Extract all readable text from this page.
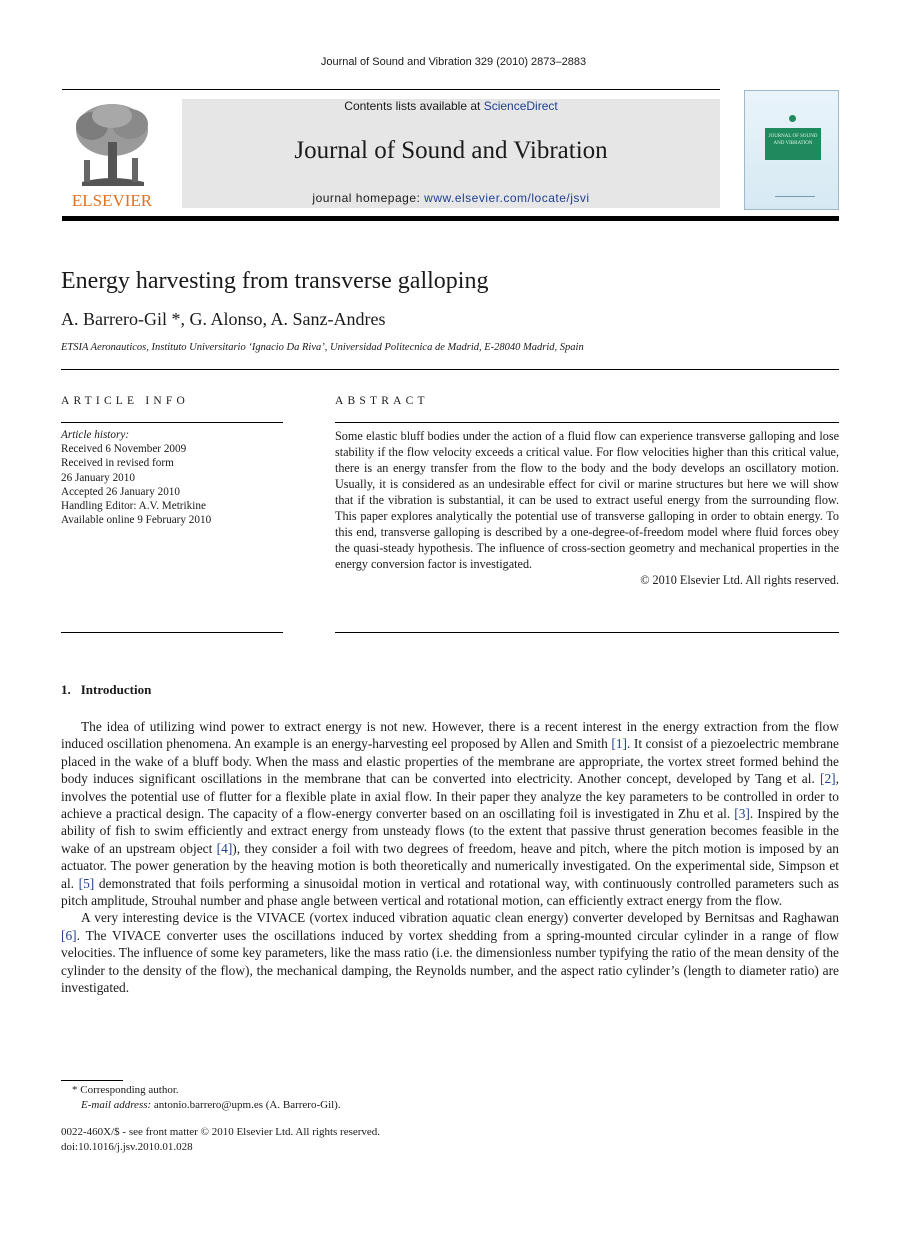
Journal of Sound and Vibration 329 (2010) 2873–2883
ELSEVIER
Contents lists available at ScienceDirect
Journal of Sound and Vibration
journal homepage: www.elsevier.com/locate/jsvi
JOURNAL OF SOUND AND VIBRATION
Energy harvesting from transverse galloping
A. Barrero-Gil *, G. Alonso, A. Sanz-Andres
ETSIA Aeronauticos, Instituto Universitario ‘Ignacio Da Riva’, Universidad Politecnica de Madrid, E-28040 Madrid, Spain
ARTICLE INFO	ABSTRACT
Article history:
Received 6 November 2009
Received in revised form
26 January 2010
Accepted 26 January 2010
Handling Editor: A.V. Metrikine
Available online 9 February 2010
Some elastic bluff bodies under the action of a fluid flow can experience transverse galloping and lose stability if the flow velocity exceeds a critical value. For flow velocities higher than this critical value, there is an energy transfer from the flow to the body and the body develops an oscillatory motion. Usually, it is considered as an undesirable effect for civil or marine structures but here we will show that if the vibration is substantial, it can be used to extract useful energy from the surrounding flow. This paper explores analytically the potential use of transverse galloping in order to obtain energy. To this end, transverse galloping is described by a one-degree-of-freedom model where fluid forces obey the quasi-steady hypothesis. The influence of cross-section geometry and mechanical properties in the energy conversion factor is investigated.
© 2010 Elsevier Ltd. All rights reserved.
1. Introduction

The idea of utilizing wind power to extract energy is not new. However, there is a recent interest in the energy extraction from the flow induced oscillation phenomena. An example is an energy-harvesting eel proposed by Allen and Smith [1]. It consist of a piezoelectric membrane placed in the wake of a bluff body. When the mass and elastic properties of the membrane are appropriate, the vortex street formed behind the body induces significant oscillations in the membrane that can be converted into electricity. Another concept, developed by Tang et al. [2], involves the potential use of flutter for a flexible plate in axial flow. In their paper they analyze the key parameters to be controlled in order to achieve a practical design. The capacity of a flow-energy converter based on an oscillating foil is investigated in Zhu et al. [3]. Inspired by the ability of fish to swim efficiently and extract energy from unsteady flows (to the extent that passive thrust generation becomes feasible in the wake of an upstream object [4]), they consider a foil with two degrees of freedom, heave and pitch, where the pitch motion is imposed by an actuator. The power generation by the heaving motion is both theoretically and numerically investigated. On the experimental side, Simpson et al. [5] demonstrated that foils performing a sinusoidal motion in vertical and rotational way, with continuously controlled parameters such as pitch amplitude, Strouhal number and phase angle between vertical and rotational motion, can efficiently extract energy from the flow.

A very interesting device is the VIVACE (vortex induced vibration aquatic clean energy) converter developed by Bernitsas and Raghawan [6]. The VIVACE converter uses the oscillations induced by vortex shedding from a spring-mounted circular cylinder in a range of flow velocities. The influence of some key parameters, like the mass ratio (i.e. the dimensionless number typifying the ratio of the mean density of the cylinder to the density of the flow), the mechanical damping, the Reynolds number, and the aspect ratio cylinder’s (length to diameter ratio) are investigated.

* Corresponding author.
E-mail address: antonio.barrero@upm.es (A. Barrero-Gil).
0022-460X/$ - see front matter © 2010 Elsevier Ltd. All rights reserved.
doi:10.1016/j.jsv.2010.01.028
